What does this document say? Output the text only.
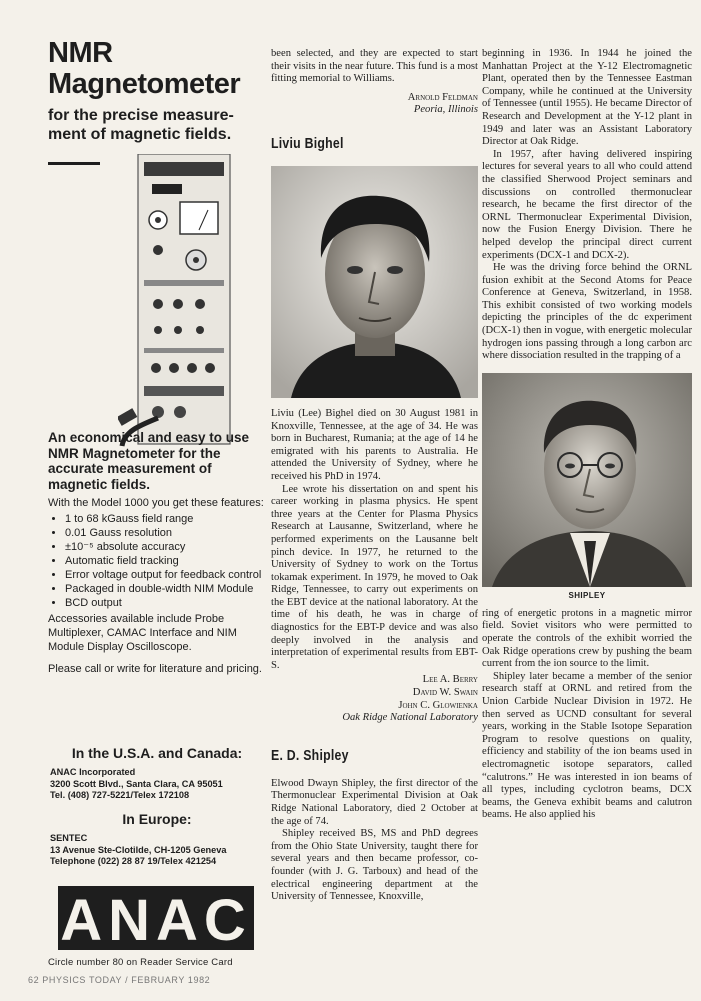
NMR
Magnetometer

for the precise measure-ment of magnetic fields.

An economical and easy to use NMR Magnetometer for the accurate measurement of magnetic fields.

With the Model 1000 you get these features:

• 1 to 68 kGauss field range
• 0.01 Gauss resolution
• ±10⁻⁵ absolute accuracy
• Automatic field tracking
• Error voltage output for feedback control
• Packaged in double-width NIM Module
• BCD output

Accessories available include Probe Multiplexer, CAMAC Interface and NIM Module Display Oscilloscope.

Please call or write for literature and pricing.

In the U.S.A. and Canada:
ANAC Incorporated
3200 Scott Blvd., Santa Clara, CA 95051
Tel. (408) 727-5221/Telex 172108
In Europe:
SENTEC
13 Avenue Ste-Clotilde, CH-1205 Geneva
Telephone (022) 28 87 19/Telex 421254
ANAC
Circle number 80 on Reader Service Card
62 PHYSICS TODAY / FEBRUARY 1982

been selected, and they are expected to start their visits in the near future. This fund is a most fitting memorial to Williams.

Arnold Feldman

Peoria, Illinois

Liviu Bighel

Liviu (Lee) Bighel died on 30 August 1981 in Knoxville, Tennessee, at the age of 34. He was born in Bucharest, Rumania; at the age of 14 he emigrated with his parents to Australia. He attended the University of Sydney, where he received his PhD in 1974.

Lee wrote his dissertation on and spent his career working in plasma physics. He spent three years at the Center for Plasma Physics Research at Lausanne, Switzerland, where he performed experiments on the Lausanne belt pinch device. In 1977, he returned to the University of Sydney to work on the Tortus tokamak experiment. In 1979, he moved to Oak Ridge, Tennessee, to carry out experiments on the EBT device at the national laboratory. At the time of his death, he was in charge of diagnostics for the EBT-P device and was also deeply involved in the analysis and interpretation of experimental results from EBT-S.

Lee A. Berry

David W. Swain

John C. Glowienka

Oak Ridge National Laboratory

E. D. Shipley

Elwood Dwayn Shipley, the first director of the Thermonuclear Experimental Division at Oak Ridge National Laboratory, died 2 October at the age of 74.

Shipley received BS, MS and PhD degrees from the Ohio State University, taught there for several years and then became professor, co-founder (with J. G. Tarboux) and head of the electrical engineering department at the University of Tennessee, Knoxville,

beginning in 1936. In 1944 he joined the Manhattan Project at the Y-12 Electromagnetic Plant, operated then by the Tennessee Eastman Company, while he continued at the University of Tennessee (until 1955). He became Director of Research and Development at the Y-12 plant in 1949 and later was an Assistant Laboratory Director at Oak Ridge.

In 1957, after having delivered inspiring lectures for several years to all who could attend the classified Sherwood Project seminars and discussions on controlled thermonuclear research, he became the first director of the ORNL Thermonuclear Experimental Division, now the Fusion Energy Division. There he helped develop the principal direct current experiments (DCX-1 and DCX-2).

He was the driving force behind the ORNL fusion exhibit at the Second Atoms for Peace Conference at Geneva, Switzerland, in 1958. This exhibit consisted of two working models depicting the principles of the dc experiment (DCX-1) then in vogue, with energetic molecular hydrogen ions passing through a long carbon arc where dissociation resulted in the trapping of a

SHIPLEY

ring of energetic protons in a magnetic mirror field. Soviet visitors who were permitted to operate the controls of the exhibit worried the Oak Ridge operations crew by pushing the beam current from the ion source to the limit.

Shipley later became a member of the senior research staff at ORNL and retired from the Union Carbide Nuclear Division in 1972. He then served as UCND consultant for several years, working in the Stable Isotope Separation Program to resolve questions on quality, efficiency and stability of the ion beams used in electromagnetic isotope separators, called “calutrons.” He was interested in ion beams of all types, including cyclotron beams, DCX beams, the Geneva exhibit beams and calutron beams. He also applied his
